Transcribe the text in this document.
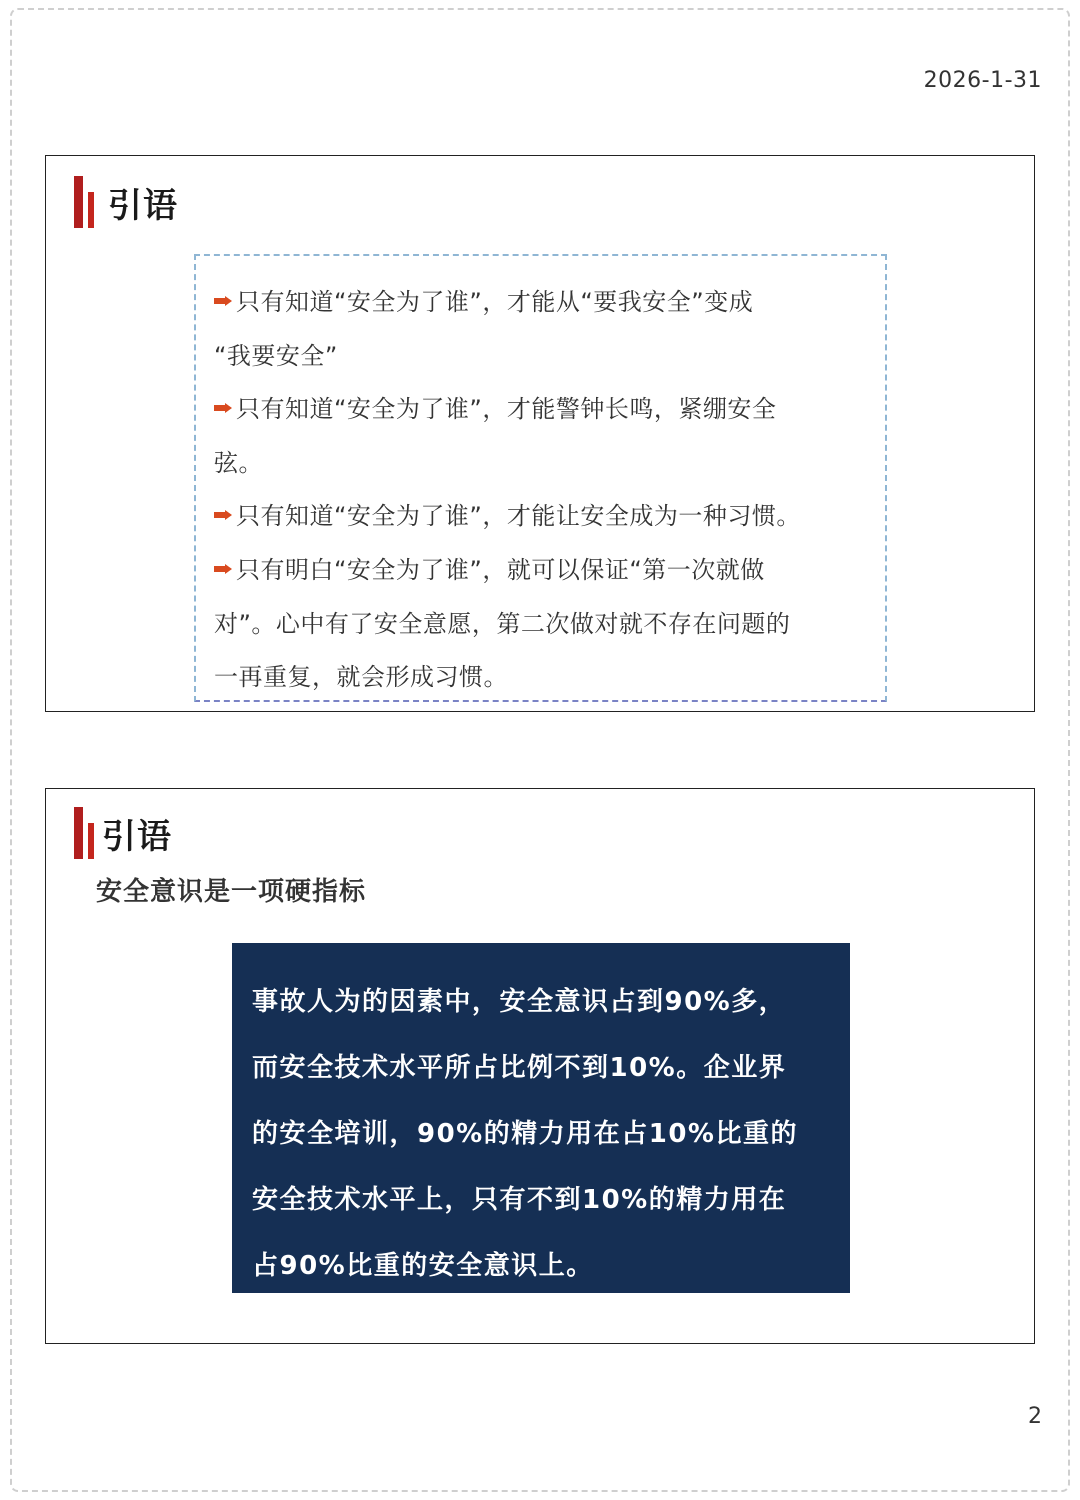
2026-1-31
引语
只有知道“安全为了谁”，才能从“要我安全”变成
“我要安全”
只有知道“安全为了谁”，才能警钟长鸣，紧绷安全
弦。
只有知道“安全为了谁”，才能让安全成为一种习惯。
只有明白“安全为了谁”，就可以保证“第一次就做
对”。心中有了安全意愿，第二次做对就不存在问题的
一再重复，就会形成习惯。
引语
安全意识是一项硬指标
事故人为的因素中，安全意识占到90%多，
而安全技术水平所占比例不到10%。企业界
的安全培训，90%的精力用在占10%比重的
安全技术水平上，只有不到10%的精力用在
占90%比重的安全意识上。
2
